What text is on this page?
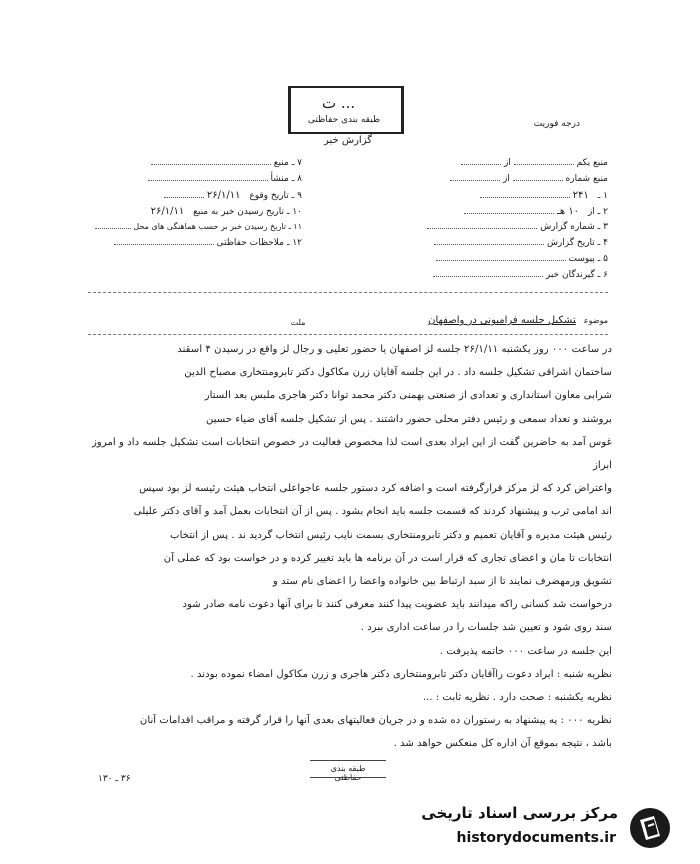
... ت
طبقه بندی حفاظتی	درجه فوریت
گزارش خبر
منبع یکم  از
منبع شماره  از
۱ ـ ۲۴۱
۲ ـ از ۱۰ هـ
۳ ـ شماره گزارش
۴ ـ تاریخ گزارش
۵ ـ پیوست
۶ ـ گیرندگان خبر
۷ ـ منبع
۸ ـ منشأ
۹ ـ تاریخ وقوع ۲۶/۱/۱۱
۱۰ ـ تاریخ رسیدن خبر به منبع ۲۶/۱/۱۱
۱۱ ـ تاریخ رسیدن خبر بر حسب هماهنگی های محل
۱۲ ـ ملاحظات حفاظتی
موضوعتشکیل جلسه فرامبونی در واصفهان
ملت

در ساعت ۰۰۰ روز یکشنبه ۲۶/۱/۱۱ جلسه لز اصفهان یا حضور تعلیی و رجال لز واقع در رسیدن ۴ اسقند

ساختمان اشراقی تشکیل جلسه داد . در این جلسه آقایان زرن مکاکول دکتر تابرومنتخاری مصباح الدین

شرابی معاون استانداری و تعدادی از صنعتی بهمنی دکتر محمد توانا دکتر هاجری ملبس بعد الستار

بروشند و تعداد سمعی و رئیس دفتر محلی حضور داشتند . پس از تشکیل جلسه آقای ضیاء حسین

غوس آمد به حاضرین گفت از این ایراد بعدی است لذا مخصوص فعالیت در خصوص انتخابات است تشکیل جلسه داد و امروز ابراز

واعتراض کرد که لز مرکز قرارگرفته است و اضافه کرد دستور جلسه عاجواعلی انتخاب هیئت رئیسه لز بود سپس

اند امامی ثرب و پیشنهاد کردند که قسمت جلسه باید انجام بشود . پس از آن انتخابات بعمل آمد و آقای دکتر علیلی

رئیس هیئت مدیره و آقایان تعمیم و دکتر تابرومنتخاری بسمت نایب رئیس انتخاب گردید ند . پس از انتخاب

انتخابات تا مان و اعضای تجاری که قرار است در آن برنامه ها باید تغییر کرده و در خواست بود که عملی آن

تشویق ورمهضرف نمایند تا از سبد ارتباط بین خانواده واعضا را اعضای نام ستد و

درخواست شد کسانی راکه میدانند باید عضویت پیدا کنند معرفی کنند تا برای آنها دعوت نامه صادر شود

سند روی شود و تعیین شد جلسات را در ساعت اداری ببرد .

این جلسه در ساعت ۰۰۰ خاتمه پذیرفت .

نظریه شنبه : ایراد دعوت راآقایان دکتر تابرومنتخاری دکتر هاجری و زرن مکاکول امضاء نموده بودند .

نظریه یکشنبه : صحت دارد . نظریه ثابت : ...

نظریه ۰۰۰ : یه پیشنهاد به رستوران ده شده و در جریان فعالیتهای بعدی آنها را قرار گرفته و مراقب اقدامات آنان

باشد ، نتیجه بموقع آن اداره کل منعکس خواهد شد .

طبقه بندی حفاظتی
۳۶ ـ ۱۳۰
مرکز بررسی اسناد تاریخی
historydocuments.ir
